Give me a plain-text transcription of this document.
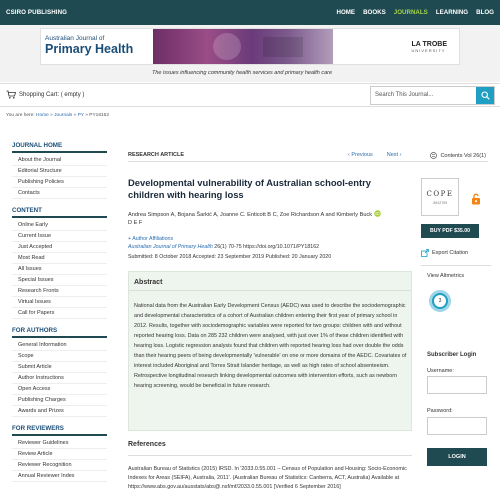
CSIRO PUBLISHING	HOME BOOKS JOURNALS LEARNING BLOG
Australian Journal of
Primary Health	LA TROBE
UNIVERSITY
The issues influencing community health services and primary health care
Shopping Cart: ( empty )	Search This Journal...
You are here: Home » Journals » PY » PY18162
JOURNAL HOME
About the Journal
Editorial Structure
Publishing Policies
Contacts
CONTENT
Online Early
Current Issue
Just Accepted
Most Read
All Issues
Special Issues
Research Fronts
Virtual Issues
Call for Papers
FOR AUTHORS
General Information
Scope
Submit Article
Author Instructions
Open Access
Publishing Charges
Awards and Prizes
FOR REVIEWERS
Reviewer Guidelines
Review Article
Reviewer Recognition
Annual Reviewer Index
RESEARCH ARTICLE	‹ Previous	Next ›	Contents Vol 26(1)
Developmental vulnerability of Australian school-entry children with hearing loss
Andrea Simpson A, Bojana Šarkić A, Joanne C. Enticott B C, Zoe Richardson A and Kimberly Buck iD

D E F
+ Author Affiliations
Australian Journal of Primary Health 26(1) 70-75 https://doi.org/10.1071/PY18162
Submitted: 8 October 2018 Accepted: 23 September 2019 Published: 20 January 2020
Abstract
National data from the Australian Early Development Census (AEDC) was used to describe the sociodemographic and developmental characteristics of a cohort of Australian children entering their first year of primary school in 2012. Results, together with sociodemographic variables were reported for two groups: children with and without reported hearing loss. Data on 285 232 children were analysed, with just over 1% of these children identified with hearing loss. Logistic regression analysis found that children with reported hearing loss had over double the odds than their hearing peers of being developmentally 'vulnerable' on one or more domains of the AEDC. Covariates of interest included Aboriginal and Torres Strait Islander heritage, as well as high rates of school absenteeism. Retrospective longitudinal research linking developmental outcomes with intervention efforts, such as newborn hearing screening, would be beneficial in future research.
References
Australian Bureau of Statistics (2015) IRSD. In '2033.0.55.001 – Census of Population and Housing: Socio-Economic Indexes for Areas (SEIFA), Australia, 2011'. (Australian Bureau of Statistics: Canberra, ACT, Australia) Available at https://www.abs.gov.au/ausstats/abs@.nsf/mf/2033.0.55.001 [Verified 6 September 2016]
COPE
JM12709
BUY PDF $35.00
Export Citation
View Altmetrics
3
Subscriber Login
Username:
Password:
LOGIN
